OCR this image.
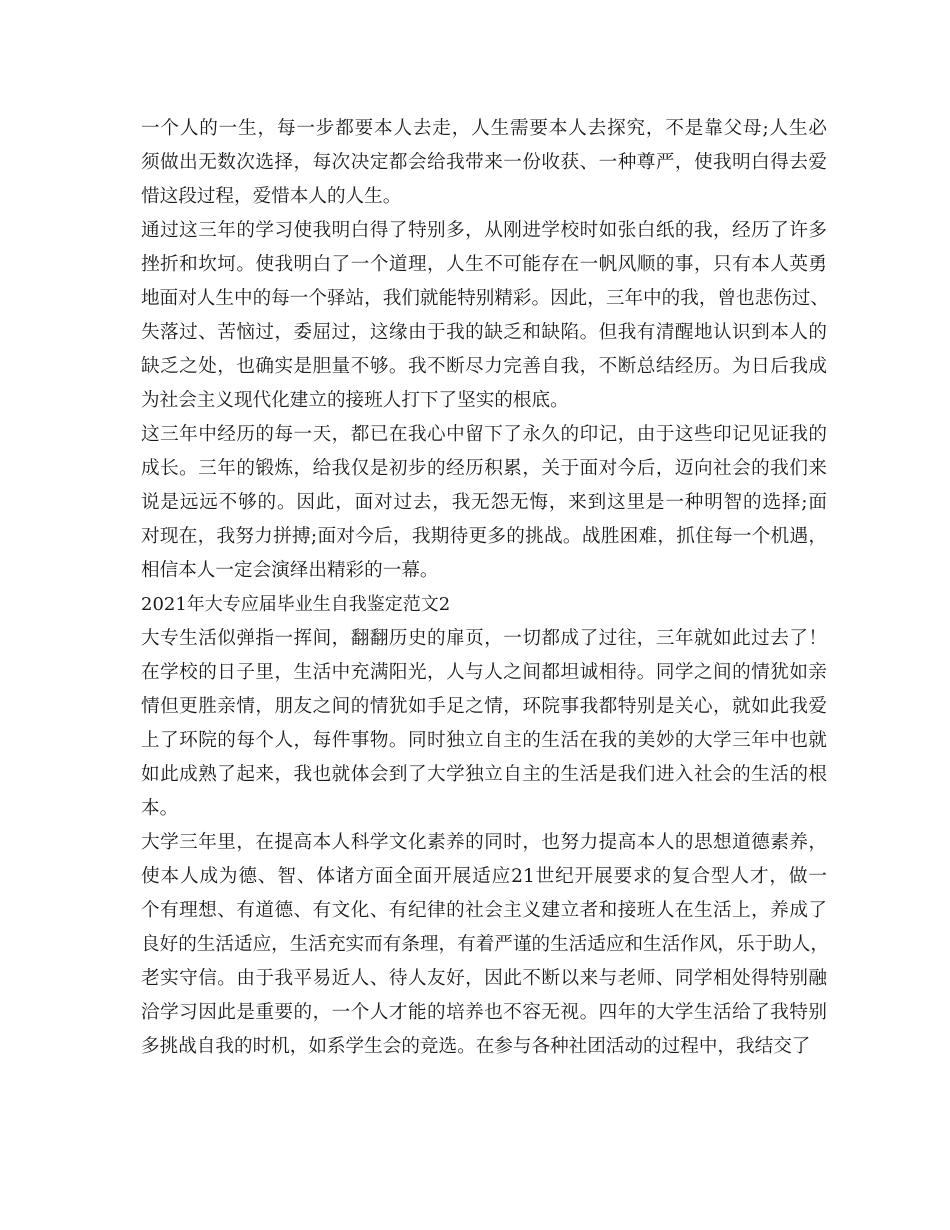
一个人的一生，每一步都要本人去走，人生需要本人去探究，不是靠父母;人生必
须做出无数次选择，每次决定都会给我带来一份收获、一种尊严，使我明白得去爱
惜这段过程，爱惜本人的人生。
通过这三年的学习使我明白得了特别多，从刚进学校时如张白纸的我，经历了许多
挫折和坎坷。使我明白了一个道理，人生不可能存在一帆风顺的事，只有本人英勇
地面对人生中的每一个驿站，我们就能特别精彩。因此，三年中的我，曾也悲伤过、
失落过、苦恼过，委屈过，这缘由于我的缺乏和缺陷。但我有清醒地认识到本人的
缺乏之处，也确实是胆量不够。我不断尽力完善自我，不断总结经历。为日后我成
为社会主义现代化建立的接班人打下了坚实的根底。
这三年中经历的每一天，都已在我心中留下了永久的印记，由于这些印记见证我的
成长。三年的锻炼，给我仅是初步的经历积累，关于面对今后，迈向社会的我们来
说是远远不够的。因此，面对过去，我无怨无悔，来到这里是一种明智的选择;面
对现在，我努力拼搏;面对今后，我期待更多的挑战。战胜困难，抓住每一个机遇，
相信本人一定会演绎出精彩的一幕。
2021年大专应届毕业生自我鉴定范文2
大专生活似弹指一挥间，翻翻历史的扉页，一切都成了过往，三年就如此过去了！
在学校的日子里，生活中充满阳光，人与人之间都坦诚相待。同学之间的情犹如亲
情但更胜亲情，朋友之间的情犹如手足之情，环院事我都特别是关心，就如此我爱
上了环院的每个人，每件事物。同时独立自主的生活在我的美妙的大学三年中也就
如此成熟了起来，我也就体会到了大学独立自主的生活是我们进入社会的生活的根
本。
大学三年里，在提高本人科学文化素养的同时，也努力提高本人的思想道德素养，
使本人成为德、智、体诸方面全面开展适应21世纪开展要求的复合型人才，做一
个有理想、有道德、有文化、有纪律的社会主义建立者和接班人在生活上，养成了
良好的生活适应，生活充实而有条理，有着严谨的生活适应和生活作风，乐于助人，
老实守信。由于我平易近人、待人友好，因此不断以来与老师、同学相处得特别融
洽学习因此是重要的，一个人才能的培养也不容无视。四年的大学生活给了我特别
多挑战自我的时机，如系学生会的竞选。在参与各种社团活动的过程中，我结交了
